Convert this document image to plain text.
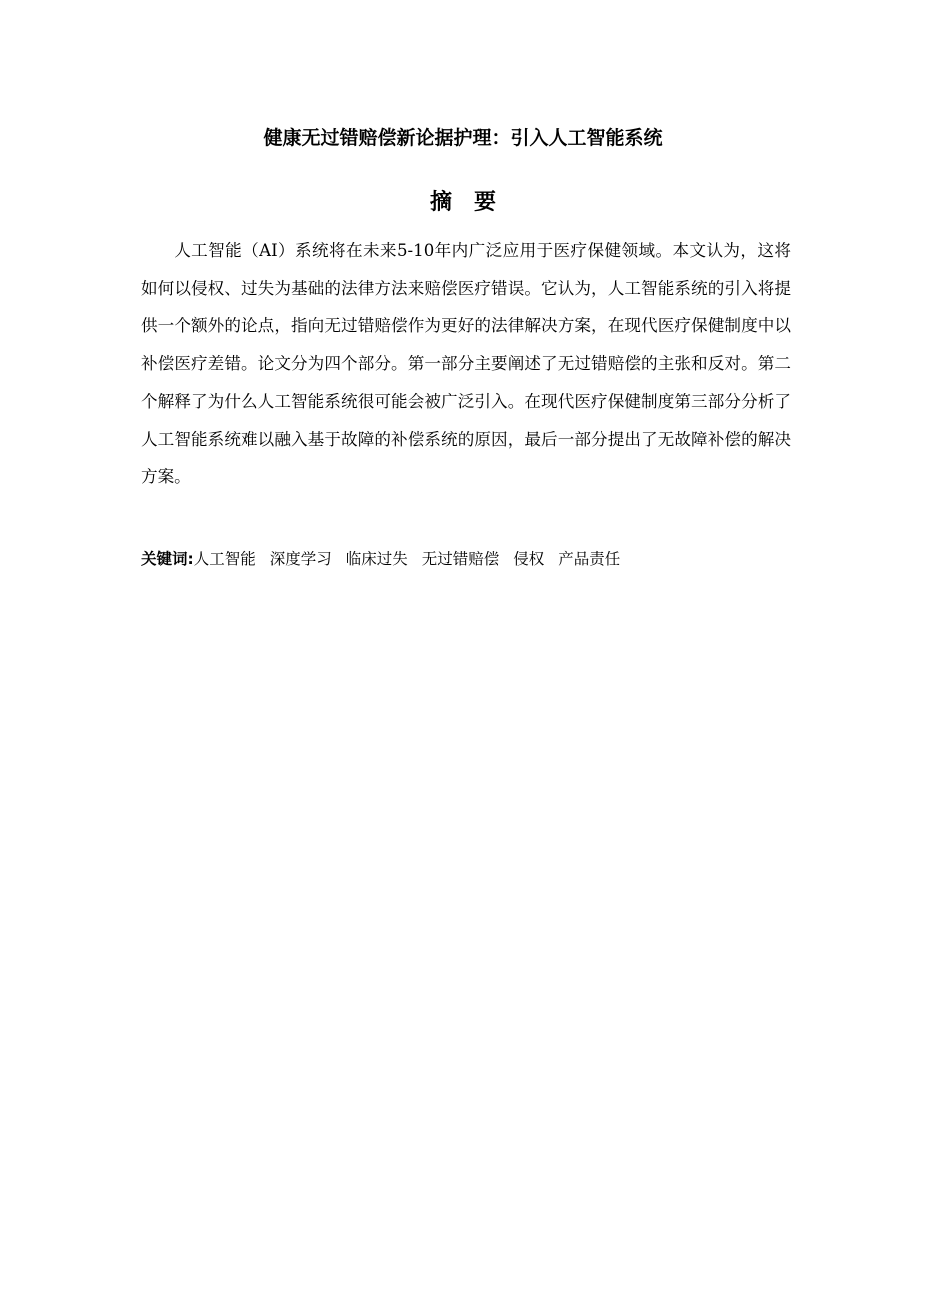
健康无过错赔偿新论据护理：引入人工智能系统
摘要

人工智能（AI）系统将在未来5-10年内广泛应用于医疗保健领域。本文认为，这将如何以侵权、过失为基础的法律方法来赔偿医疗错误。它认为，人工智能系统的引入将提供一个额外的论点，指向无过错赔偿作为更好的法律解决方案，在现代医疗保健制度中以补偿医疗差错。论文分为四个部分。第一部分主要阐述了无过错赔偿的主张和反对。第二个解释了为什么人工智能系统很可能会被广泛引入。在现代医疗保健制度第三部分分析了人工智能系统难以融入基于故障的补偿系统的原因，最后一部分提出了无故障补偿的解决方案。

关键词:人工智能 深度学习 临床过失 无过错赔偿 侵权 产品责任
